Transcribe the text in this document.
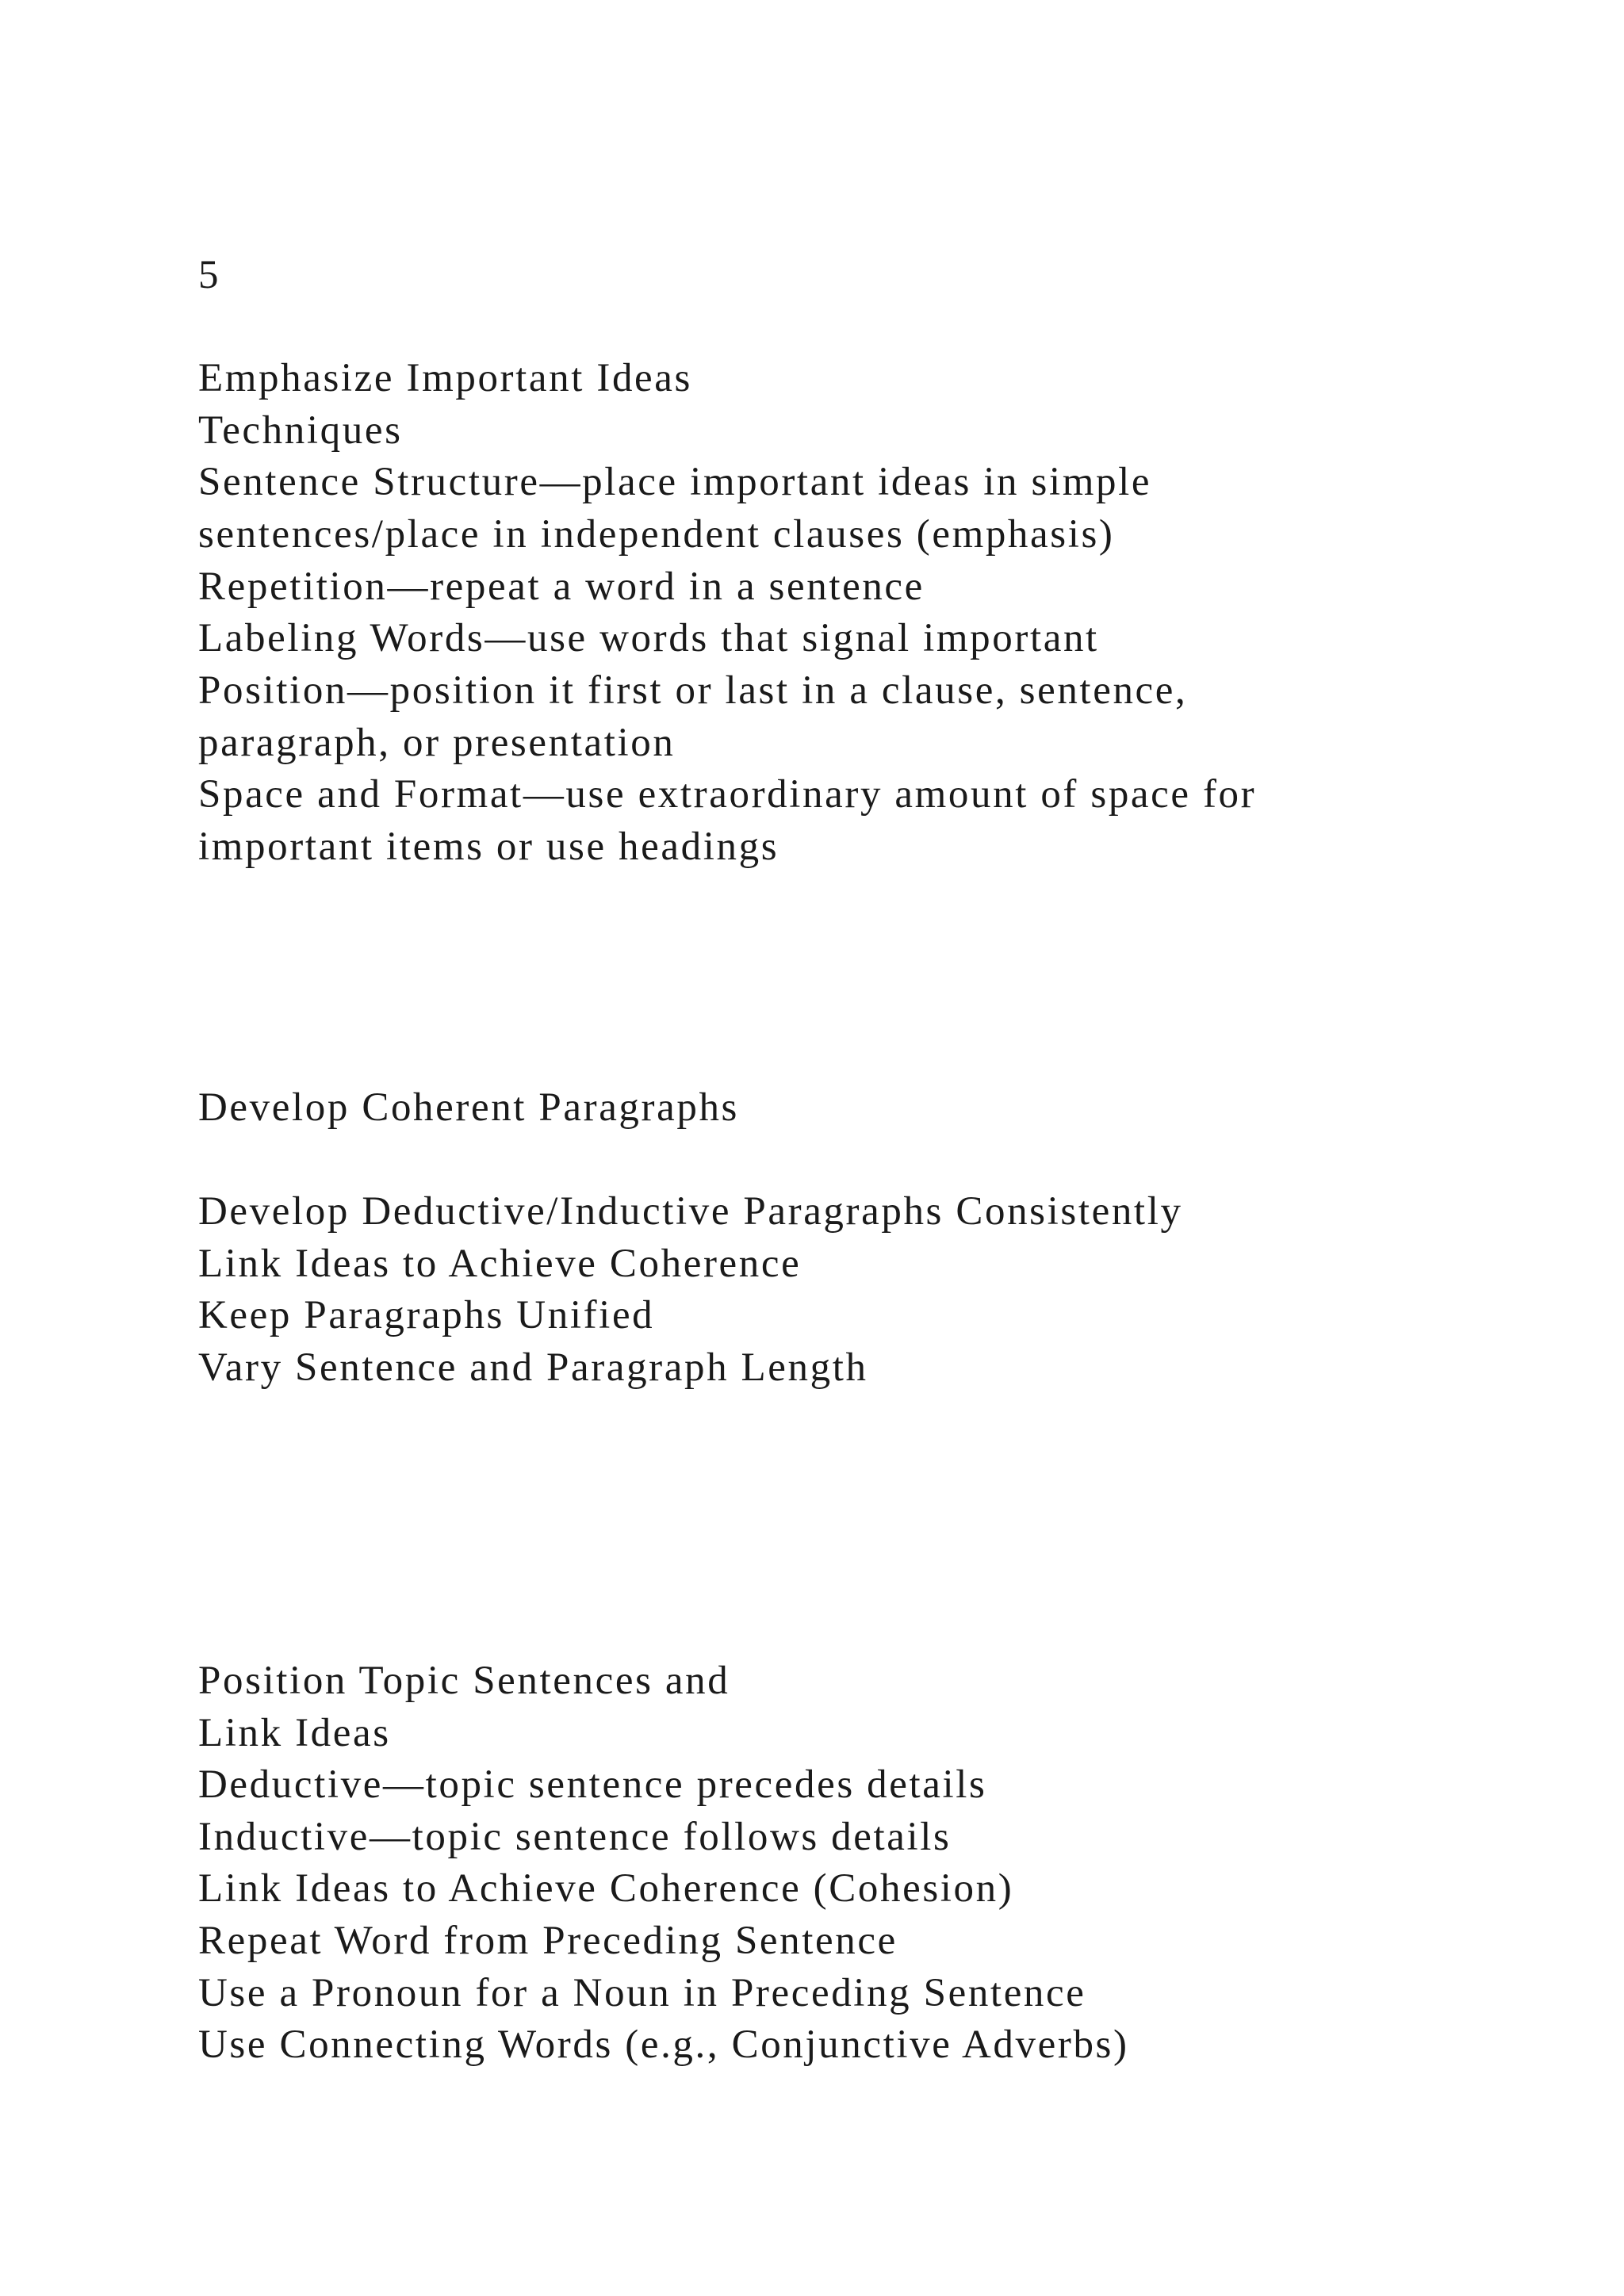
5

Emphasize Important Ideas

Techniques

Sentence Structure—place important ideas in simple

sentences/place in independent clauses (emphasis)

Repetition—repeat a word in a sentence

Labeling Words—use words that signal important

Position—position it first or last in a clause, sentence,

paragraph, or presentation

Space and Format—use extraordinary amount of space for

important items or use headings

Develop Coherent Paragraphs

Develop Deductive/Inductive Paragraphs Consistently

Link Ideas to Achieve Coherence

Keep Paragraphs Unified

Vary Sentence and Paragraph Length

Position Topic Sentences and

Link Ideas

Deductive—topic sentence precedes details

Inductive—topic sentence follows details

Link Ideas to Achieve Coherence (Cohesion)

Repeat Word from Preceding Sentence

Use a Pronoun for a Noun in Preceding Sentence

Use Connecting Words (e.g., Conjunctive Adverbs)
